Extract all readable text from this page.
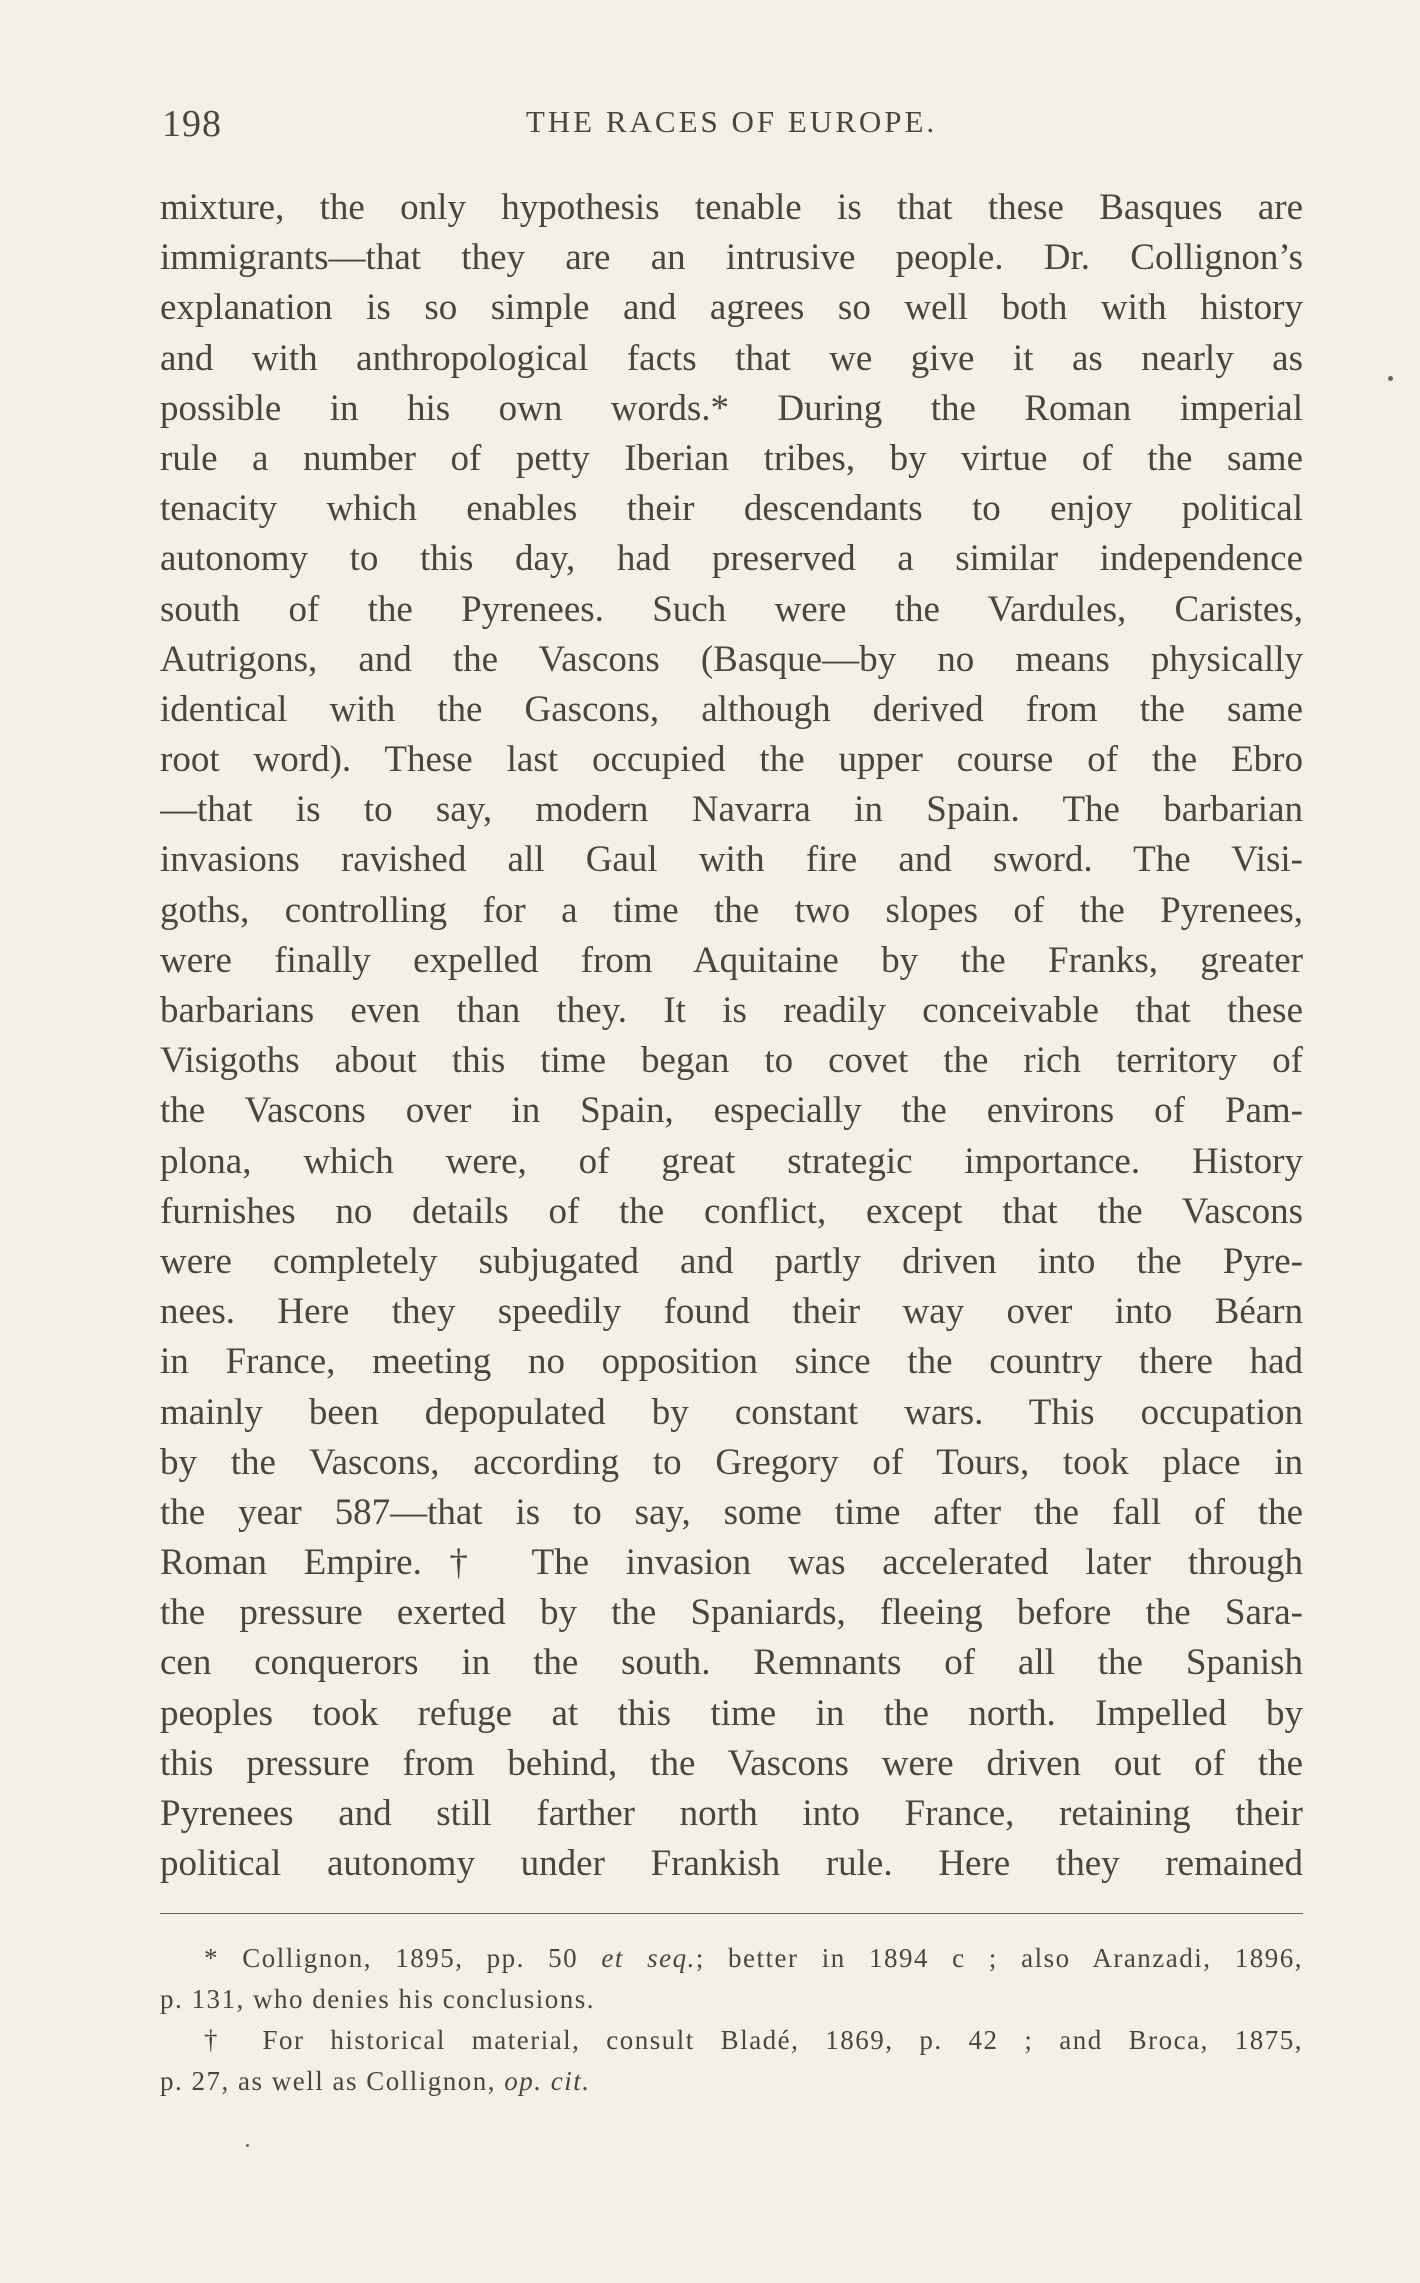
198	THE RACES OF EUROPE.
mixture, the only hypothesis tenable is that these Basques are
immigrants—that they are an intrusive people. Dr. Collignon’s
explanation is so simple and agrees so well both with history
and with anthropological facts that we give it as nearly as
possible in his own words.* During the Roman imperial
rule a number of petty Iberian tribes, by virtue of the same
tenacity which enables their descendants to enjoy political
autonomy to this day, had preserved a similar independence
south of the Pyrenees. Such were the Vardules, Caristes,
Autrigons, and the Vascons (Basque—by no means physically
identical with the Gascons, although derived from the same
root word). These last occupied the upper course of the Ebro
—that is to say, modern Navarra in Spain. The barbarian
invasions ravished all Gaul with fire and sword. The Visi-
goths, controlling for a time the two slopes of the Pyrenees,
were finally expelled from Aquitaine by the Franks, greater
barbarians even than they. It is readily conceivable that these
Visigoths about this time began to covet the rich territory of
the Vascons over in Spain, especially the environs of Pam-
plona, which were, of great strategic importance. History
furnishes no details of the conflict, except that the Vascons
were completely subjugated and partly driven into the Pyre-
nees. Here they speedily found their way over into Béarn
in France, meeting no opposition since the country there had
mainly been depopulated by constant wars. This occupation
by the Vascons, according to Gregory of Tours, took place in
the year 587—that is to say, some time after the fall of the
Roman Empire.† The invasion was accelerated later through
the pressure exerted by the Spaniards, fleeing before the Sara-
cen conquerors in the south. Remnants of all the Spanish
peoples took refuge at this time in the north. Impelled by
this pressure from behind, the Vascons were driven out of the
Pyrenees and still farther north into France, retaining their
political autonomy under Frankish rule. Here they remained
* Collignon, 1895, pp. 50 et seq.; better in 1894 c ; also Aranzadi, 1896,
p. 131, who denies his conclusions.
† For historical material, consult Bladé, 1869, p. 42 ; and Broca, 1875,
p. 27, as well as Collignon, op. cit.
